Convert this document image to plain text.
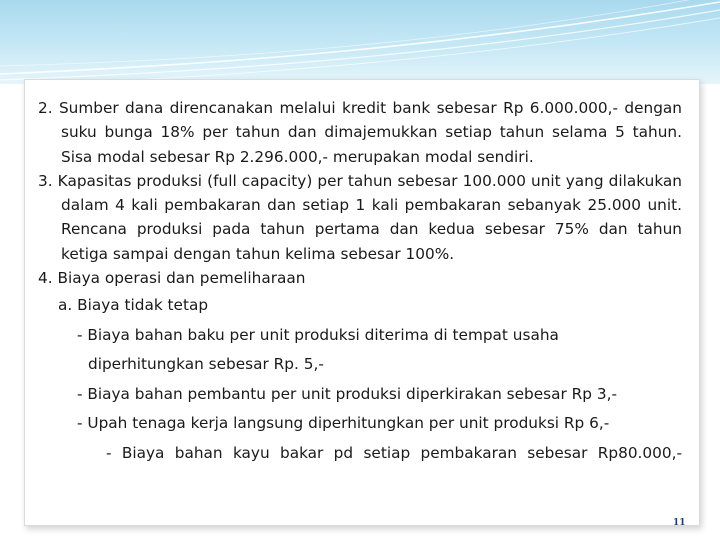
2. Sumber dana direncanakan melalui kredit bank sebesar Rp 6.000.000,- dengan suku bunga 18% per tahun dan dimajemukkan setiap tahun selama 5 tahun. Sisa modal sebesar Rp 2.296.000,- merupakan modal sendiri.

3. Kapasitas produksi (full capacity) per tahun sebesar 100.000 unit yang dilakukan dalam 4 kali pembakaran dan setiap 1 kali pembakaran sebanyak 25.000 unit. Rencana produksi pada tahun pertama dan kedua sebesar 75% dan tahun ketiga sampai dengan tahun kelima sebesar 100%.

4. Biaya operasi dan pemeliharaan

a. Biaya tidak tetap

- Biaya bahan baku per unit produksi diterima di tempat usaha

diperhitungkan sebesar Rp. 5,-

- Biaya bahan pembantu per unit produksi diperkirakan sebesar Rp 3,-

- Upah tenaga kerja langsung diperhitungkan per unit produksi Rp 6,-

- Biaya bahan kayu bakar pd setiap pembakaran sebesar Rp80.000,-

11
